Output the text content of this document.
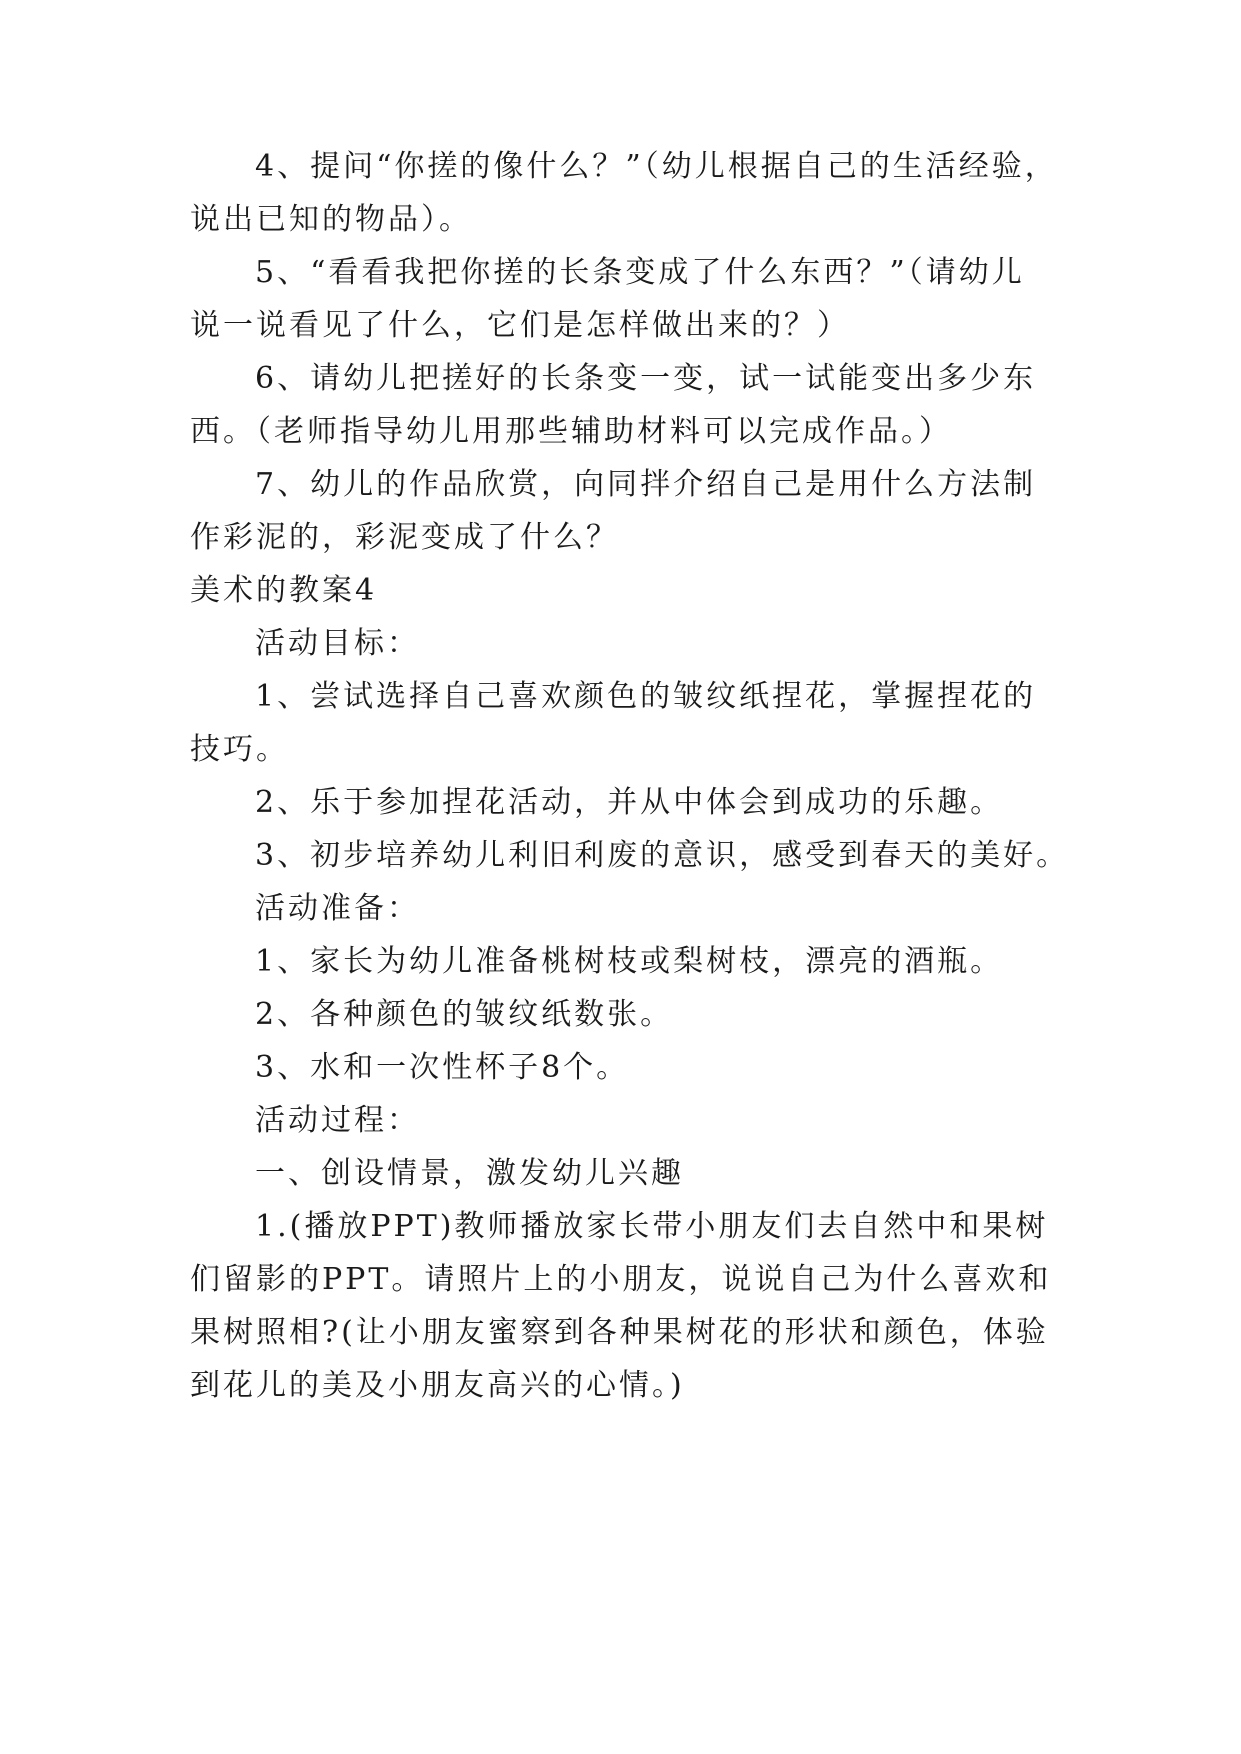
4、提问“你搓的像什么？”（幼儿根据自己的生活经验，
说出已知的物品）。
5、“看看我把你搓的长条变成了什么东西？”（请幼儿
说一说看见了什么，它们是怎样做出来的？）
6、请幼儿把搓好的长条变一变，试一试能变出多少东
西。（老师指导幼儿用那些辅助材料可以完成作品。）
7、幼儿的作品欣赏，向同拌介绍自己是用什么方法制
作彩泥的，彩泥变成了什么？
美术的教案4
活动目标：
1、尝试选择自己喜欢颜色的皱纹纸捏花，掌握捏花的
技巧。
2、乐于参加捏花活动，并从中体会到成功的乐趣。
3、初步培养幼儿利旧利废的意识，感受到春天的美好。
活动准备：
1、家长为幼儿准备桃树枝或梨树枝，漂亮的酒瓶。
2、各种颜色的皱纹纸数张。
3、水和一次性杯子8个。
活动过程：
一、创设情景，激发幼儿兴趣
1.(播放PPT)教师播放家长带小朋友们去自然中和果树
们留影的PPT。请照片上的小朋友，说说自己为什么喜欢和
果树照相?(让小朋友蜜察到各种果树花的形状和颜色，体验
到花儿的美及小朋友高兴的心情。)
